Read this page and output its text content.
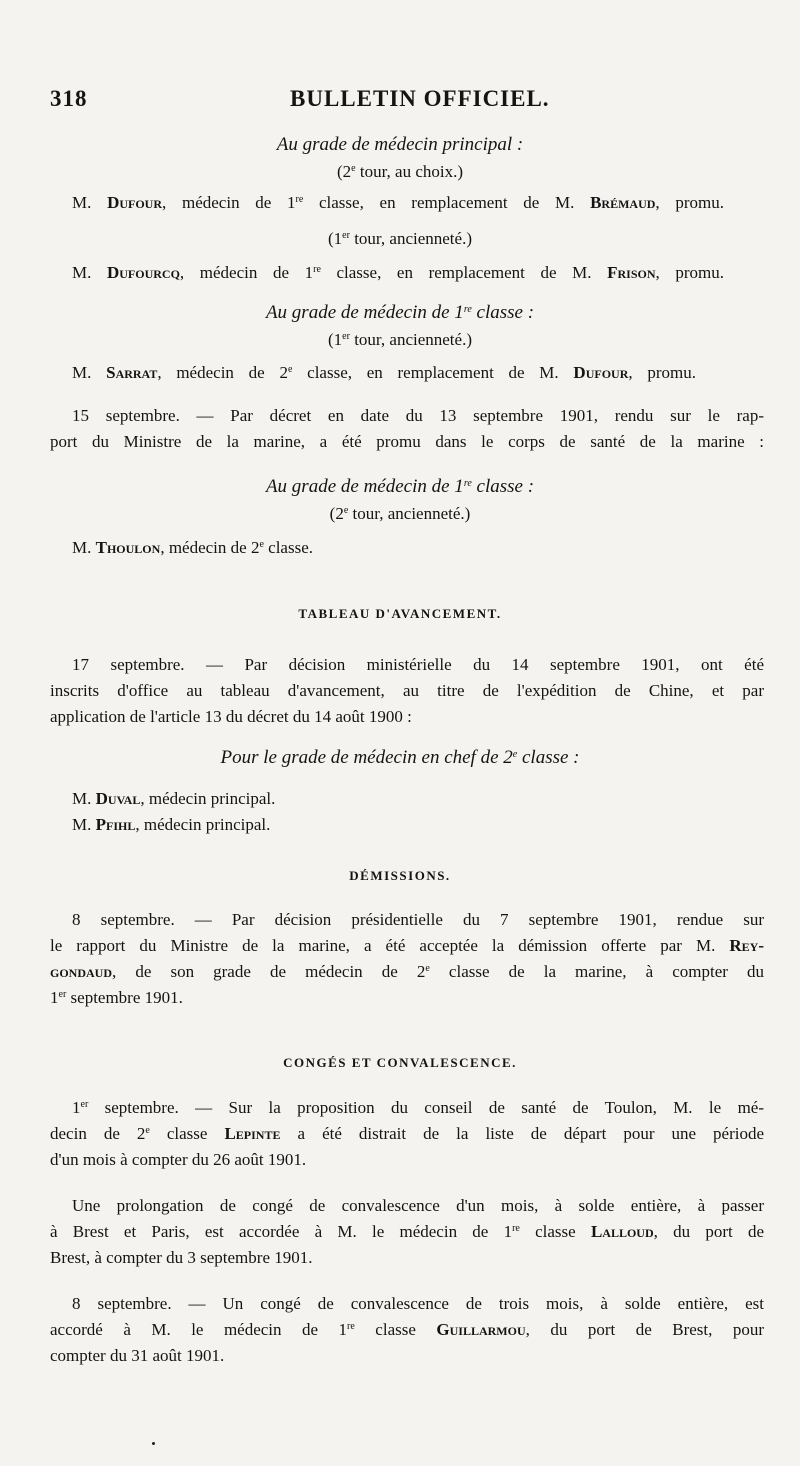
318	BULLETIN OFFICIEL.
Au grade de médecin principal :
(2e tour, au choix.)
M. Dufour, médecin de 1re classe, en remplacement de M. Brémaud, promu.
(1er tour, ancienneté.)
M. Dufourcq, médecin de 1re classe, en remplacement de M. Frison, promu.
Au grade de médecin de 1re classe :
(1er tour, ancienneté.)
M. Sarrat, médecin de 2e classe, en remplacement de M. Dufour, promu.
15 septembre. — Par décret en date du 13 septembre 1901, rendu sur le rap-
port du Ministre de la marine, a été promu dans le corps de santé de la marine :
Au grade de médecin de 1re classe :
(2e tour, ancienneté.)
M. Thoulon, médecin de 2e classe.
TABLEAU D'AVANCEMENT.
17 septembre. — Par décision ministérielle du 14 septembre 1901, ont été
inscrits d'office au tableau d'avancement, au titre de l'expédition de Chine, et par
application de l'article 13 du décret du 14 août 1900 :
Pour le grade de médecin en chef de 2e classe :
M. Duval, médecin principal.
M. Pfihl, médecin principal.
DÉMISSIONS.
8 septembre. — Par décision présidentielle du 7 septembre 1901, rendue sur
le rapport du Ministre de la marine, a été acceptée la démission offerte par M. Rey-
gondaud, de son grade de médecin de 2e classe de la marine, à compter du
1er septembre 1901.
CONGÉS ET CONVALESCENCE.
1er septembre. — Sur la proposition du conseil de santé de Toulon, M. le mé-
decin de 2e classe Lepinte a été distrait de la liste de départ pour une période
d'un mois à compter du 26 août 1901.
Une prolongation de congé de convalescence d'un mois, à solde entière, à passer
à Brest et Paris, est accordée à M. le médecin de 1re classe Lalloud, du port de
Brest, à compter du 3 septembre 1901.
8 septembre. — Un congé de convalescence de trois mois, à solde entière, est
accordé à M. le médecin de 1re classe Guillarmou, du port de Brest, pour
compter du 31 août 1901.
